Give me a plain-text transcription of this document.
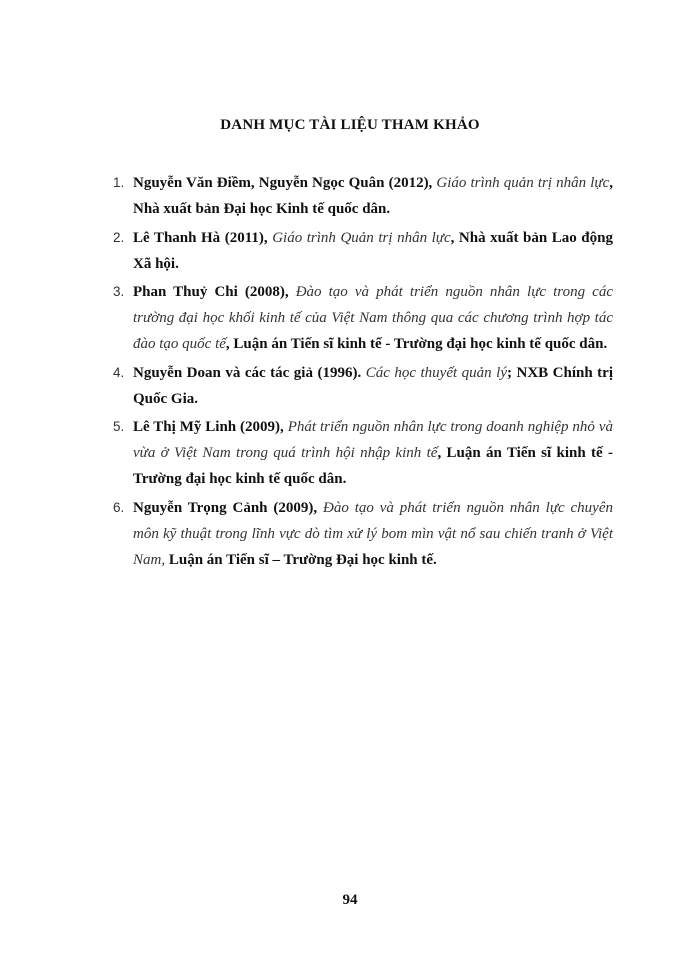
DANH MỤC TÀI LIỆU THAM KHẢO
1. Nguyễn Văn Điềm, Nguyễn Ngọc Quân (2012), Giáo trình quản trị nhân lực, Nhà xuất bản Đại học Kinh tế quốc dân.
2. Lê Thanh Hà (2011), Giáo trình Quản trị nhân lực, Nhà xuất bản Lao động Xã hội.
3. Phan Thuỷ Chi (2008), Đào tạo và phát triển nguồn nhân lực trong các trường đại học khối kinh tế của Việt Nam thông qua các chương trình hợp tác đào tạo quốc tế, Luận án Tiến sĩ kinh tế - Trường đại học kinh tế quốc dân.
4. Nguyễn Doan và các tác giả (1996). Các học thuyết quản lý; NXB Chính trị Quốc Gia.
5. Lê Thị Mỹ Linh (2009), Phát triển nguồn nhân lực trong doanh nghiệp nhỏ và vừa ở Việt Nam trong quá trình hội nhập kinh tế, Luận án Tiến sĩ kinh tế - Trường đại học kinh tế quốc dân.
6. Nguyễn Trọng Cảnh (2009), Đào tạo và phát triển nguồn nhân lực chuyên môn kỹ thuật trong lĩnh vực dò tìm xử lý bom mìn vật nổ sau chiến tranh ở Việt Nam, Luận án Tiến sĩ – Trường Đại học kinh tế.
94
